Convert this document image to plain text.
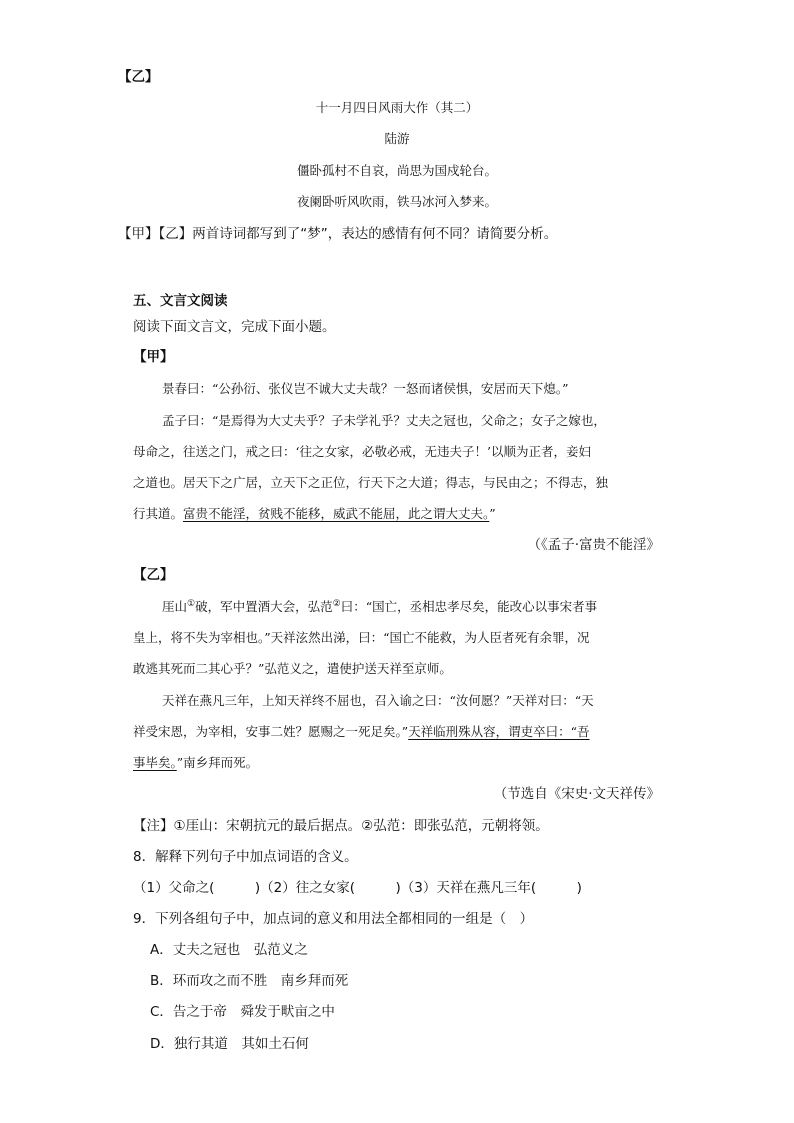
【乙】
十一月四日风雨大作（其二）
陆游
僵卧孤村不自哀，尚思为国戍轮台。
夜阑卧听风吹雨，铁马冰河入梦来。
【甲】【乙】两首诗词都写到了“梦”，表达的感情有何不同？请简要分析。
五、文言文阅读
阅读下面文言文，完成下面小题。
【甲】
景春曰：“公孙衍、张仪岂不诚大丈夫哉？一怒而诸侯惧，安居而天下熄。”
孟子曰：“是焉得为大丈夫乎？子未学礼乎？丈夫之冠也，父命之；女子之嫁也，
母命之，往送之门，戒之曰：‘往之女家，必敬必戒，无违夫子！’以顺为正者，妾妇
之道也。居天下之广居，立天下之正位，行天下之大道；得志，与民由之；不得志，独
行其道。富贵不能淫，贫贱不能移，威武不能屈，此之谓大丈夫。”
（《孟子·富贵不能淫》
【乙】
厓山①破，军中置酒大会，弘范②曰：“国亡，丞相忠孝尽矣，能改心以事宋者事
皇上，将不失为宰相也。”天祥泫然出涕，曰：“国亡不能救，为人臣者死有余罪，况
敢逃其死而二其心乎？”弘范义之，遣使护送天祥至京师。
天祥在燕凡三年，上知天祥终不屈也，召入谕之曰：“汝何愿？”天祥对曰：“天
祥受宋恩，为宰相，安事二姓？愿赐之一死足矣。”天祥临刑殊从容，谓吏卒曰：“吾
事毕矣。”南乡拜而死。
（节选自《宋史·文天祥传》
【注】①厓山：宋朝抗元的最后据点。②弘范：即张弘范，元朝将领。
8．解释下列句子中加点词语的含义。
（1）父命之(　　　)（2）往之女家(　　　)（3）天祥在燕凡三年(　　　)
9．下列各组句子中，加点词的意义和用法全都相同的一组是（　）
A．丈夫之冠也　弘范义之
B．环而攻之而不胜　南乡拜而死
C．告之于帝　舜发于畎亩之中
D．独行其道　其如土石何
